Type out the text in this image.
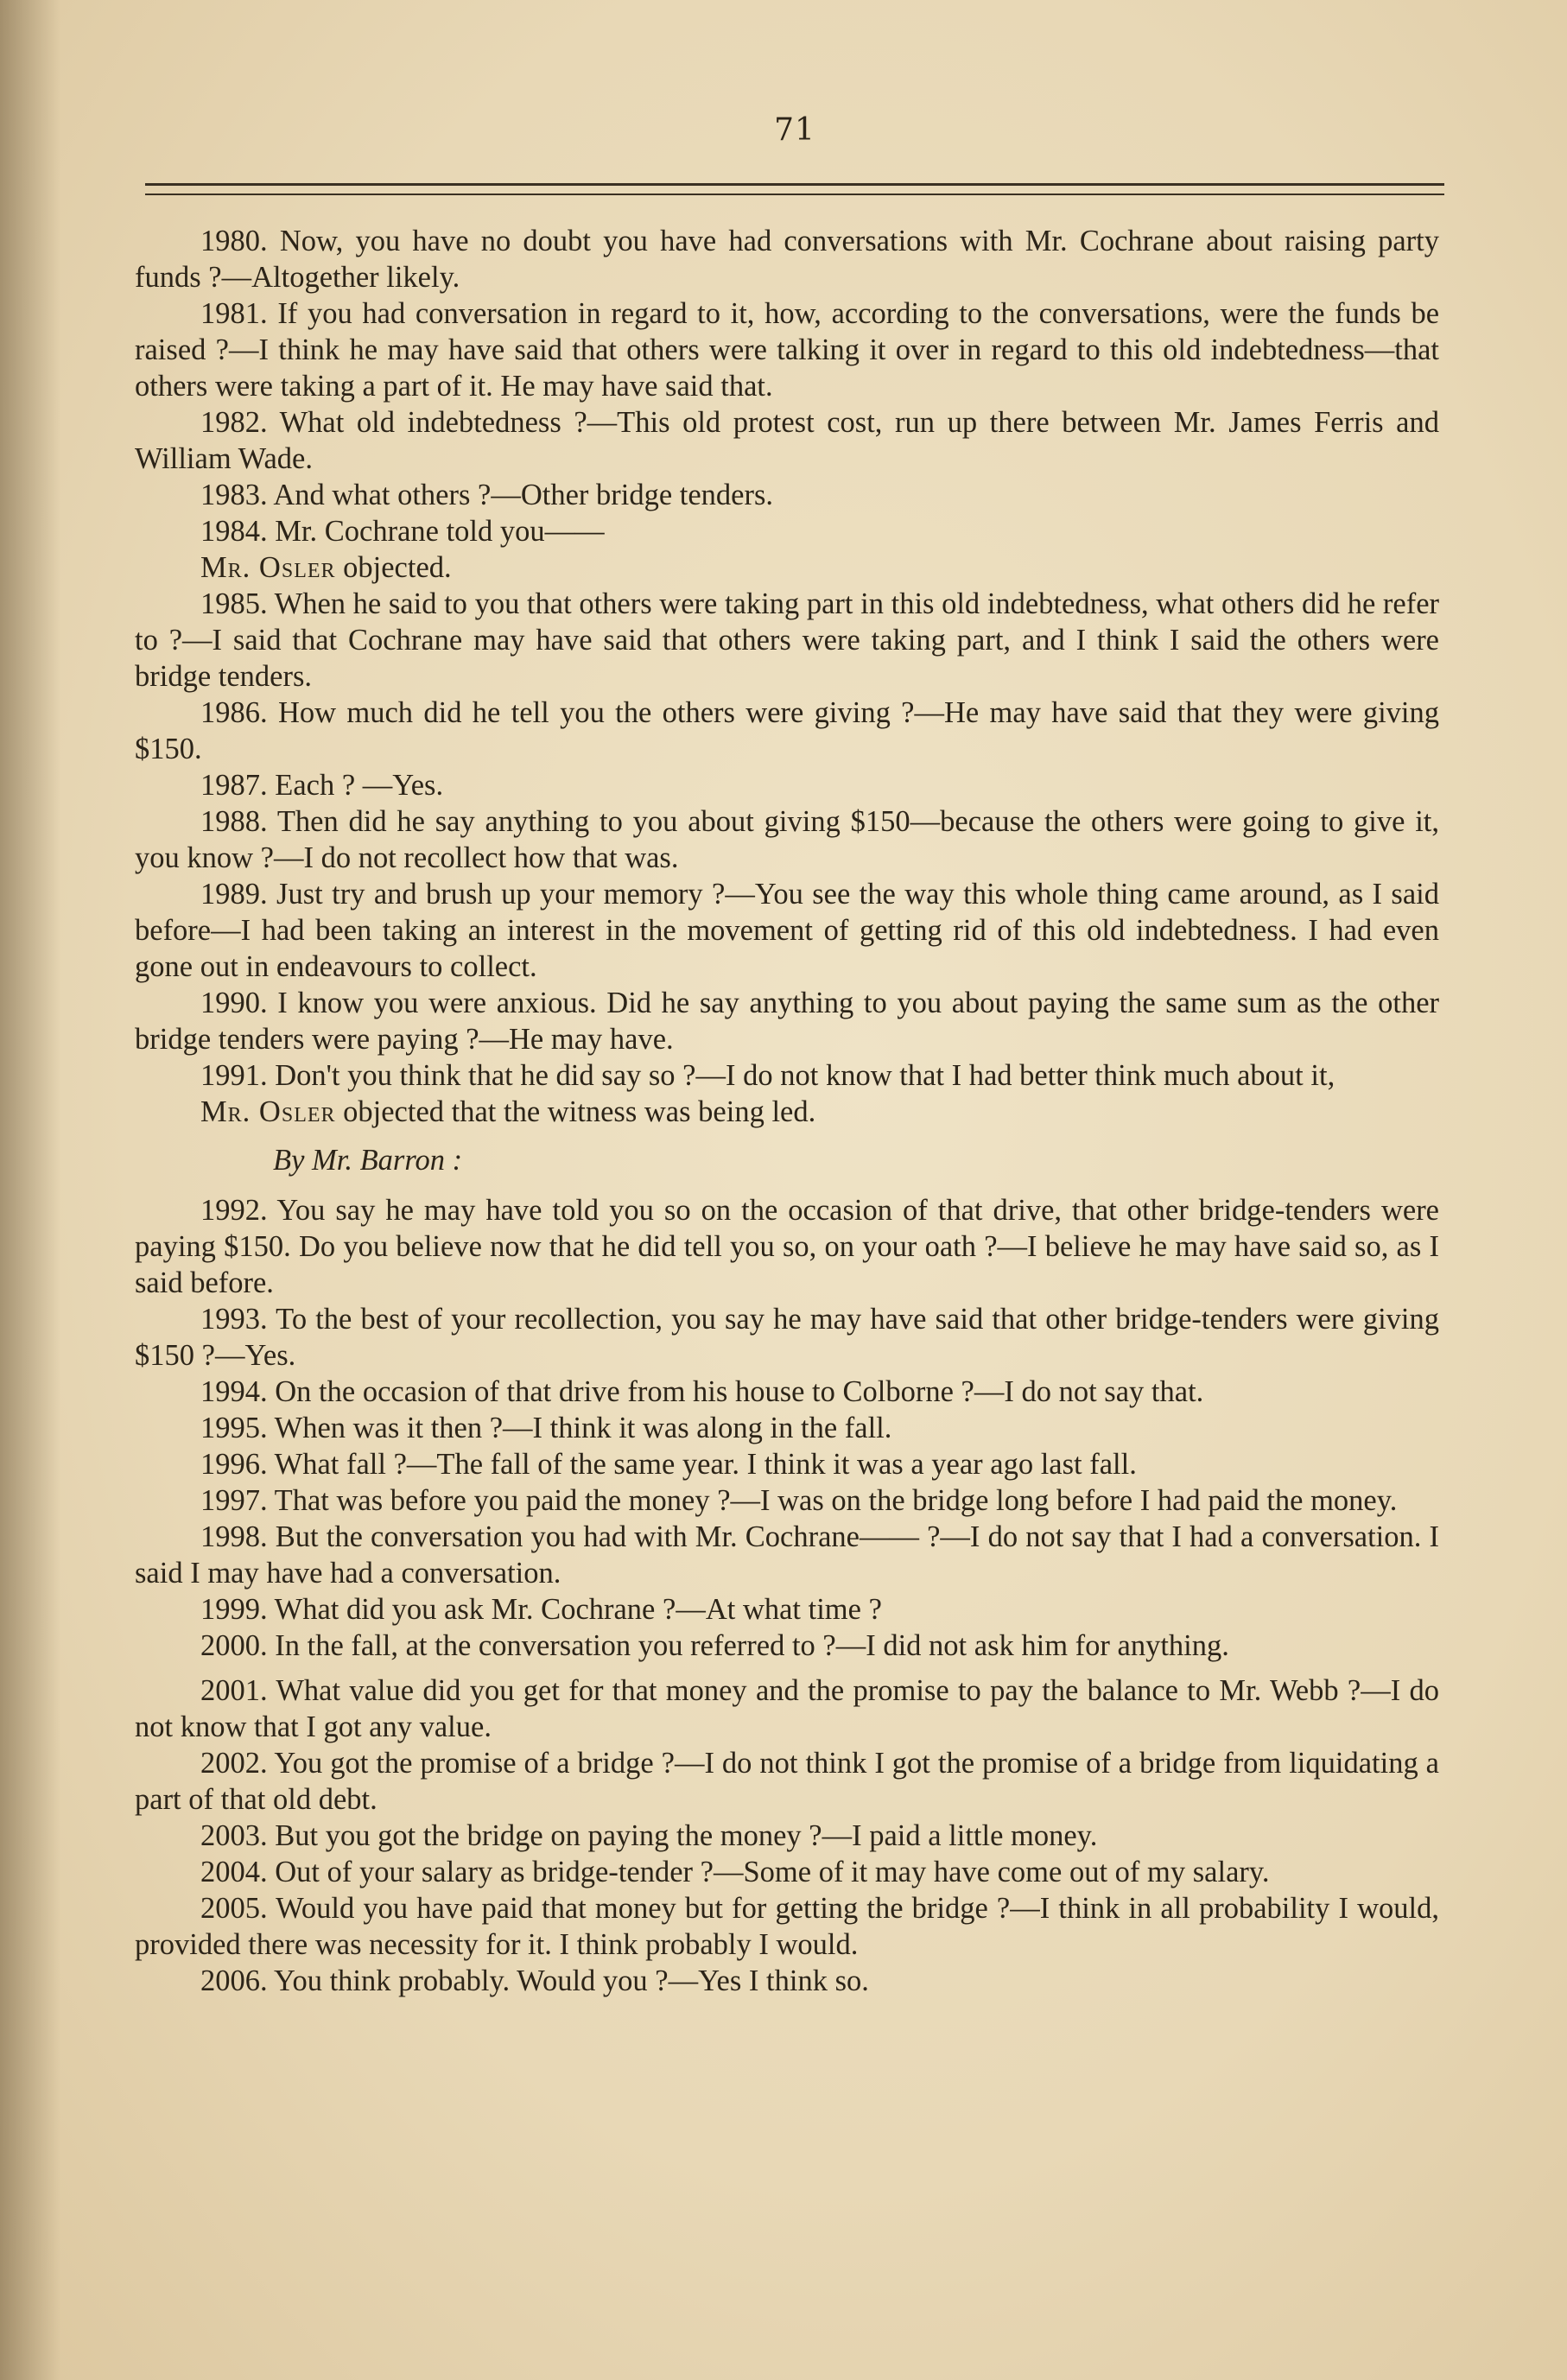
71

1980. Now, you have no doubt you have had conversations with Mr. Cochrane about raising party funds ?—Altogether likely.

1981. If you had conversation in regard to it, how, according to the conversations, were the funds be raised ?—I think he may have said that others were talking it over in regard to this old indebtedness—that others were taking a part of it. He may have said that.

1982. What old indebtedness ?—This old protest cost, run up there between Mr. James Ferris and William Wade.

1983. And what others ?—Other bridge tenders.

1984. Mr. Cochrane told you——

Mr. Osler objected.

1985. When he said to you that others were taking part in this old indebtedness, what others did he refer to ?—I said that Cochrane may have said that others were taking part, and I think I said the others were bridge tenders.

1986. How much did he tell you the others were giving ?—He may have said that they were giving $150.

1987. Each ? —Yes.

1988. Then did he say anything to you about giving $150—because the others were going to give it, you know ?—I do not recollect how that was.

1989. Just try and brush up your memory ?—You see the way this whole thing came around, as I said before—I had been taking an interest in the movement of getting rid of this old indebtedness. I had even gone out in endeavours to collect.

1990. I know you were anxious. Did he say anything to you about paying the same sum as the other bridge tenders were paying ?—He may have.

1991. Don't you think that he did say so ?—I do not know that I had better think much about it,

Mr. Osler objected that the witness was being led.

By Mr. Barron :

1992. You say he may have told you so on the occasion of that drive, that other bridge-tenders were paying $150. Do you believe now that he did tell you so, on your oath ?—I believe he may have said so, as I said before.

1993. To the best of your recollection, you say he may have said that other bridge-tenders were giving $150 ?—Yes.

1994. On the occasion of that drive from his house to Colborne ?—I do not say that.

1995. When was it then ?—I think it was along in the fall.

1996. What fall ?—The fall of the same year. I think it was a year ago last fall.

1997. That was before you paid the money ?—I was on the bridge long before I had paid the money.

1998. But the conversation you had with Mr. Cochrane—— ?—I do not say that I had a conversation. I said I may have had a conversation.

1999. What did you ask Mr. Cochrane ?—At what time ?

2000. In the fall, at the conversation you referred to ?—I did not ask him for anything.

2001. What value did you get for that money and the promise to pay the balance to Mr. Webb ?—I do not know that I got any value.

2002. You got the promise of a bridge ?—I do not think I got the promise of a bridge from liquidating a part of that old debt.

2003. But you got the bridge on paying the money ?—I paid a little money.

2004. Out of your salary as bridge-tender ?—Some of it may have come out of my salary.

2005. Would you have paid that money but for getting the bridge ?—I think in all probability I would, provided there was necessity for it. I think probably I would.

2006. You think probably. Would you ?—Yes I think so.
